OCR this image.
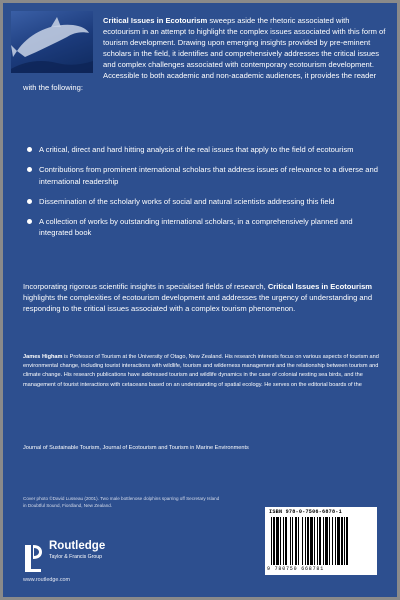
Critical Issues in Ecotourism sweeps aside the rhetoric associated with ecotourism in an attempt to highlight the complex issues associated with this form of tourism development. Drawing upon emerging insights provided by pre-eminent scholars in the field, it identifies and comprehensively addresses the critical issues and complex challenges associated with contemporary ecotourism development. Accessible to both academic and non-academic audiences, it provides the reader with the following:

A critical, direct and hard hitting analysis of the real issues that apply to the field of ecotourism
Contributions from prominent international scholars that address issues of relevance to a diverse and international readership
Dissemination of the scholarly works of social and natural scientists addressing this field
A collection of works by outstanding international scholars, in a comprehensively planned and integrated book

Incorporating rigorous scientific insights in specialised fields of research, Critical Issues in Ecotourism highlights the complexities of ecotourism development and addresses the urgency of understanding and responding to the critical issues associated with a complex tourism phenomenon.

James Higham is Professor of Tourism at the University of Otago, New Zealand. His research interests focus on various aspects of tourism and environmental change, including tourist interactions with wildlife, tourism and wilderness management and the relationship between tourism and climate change. His research publications have addressed tourism and wildlife dynamics in the case of colonial nesting sea birds, and the management of tourist interactions with cetaceans based on an understanding of spatial ecology. He serves on the editorial boards of the

Journal of Sustainable Tourism, Journal of Ecotourism and Tourism in Marine Environments

Cover photo ©David Lusseau (2001). Two male bottlenose dolphins sparring off Secretary Island in Doubtful Sound, Fiordland, New Zealand.

Routledge
Taylor & Francis Group
www.routledge.com
ISBN 978-0-7506-6878-1
9 780750 668781
